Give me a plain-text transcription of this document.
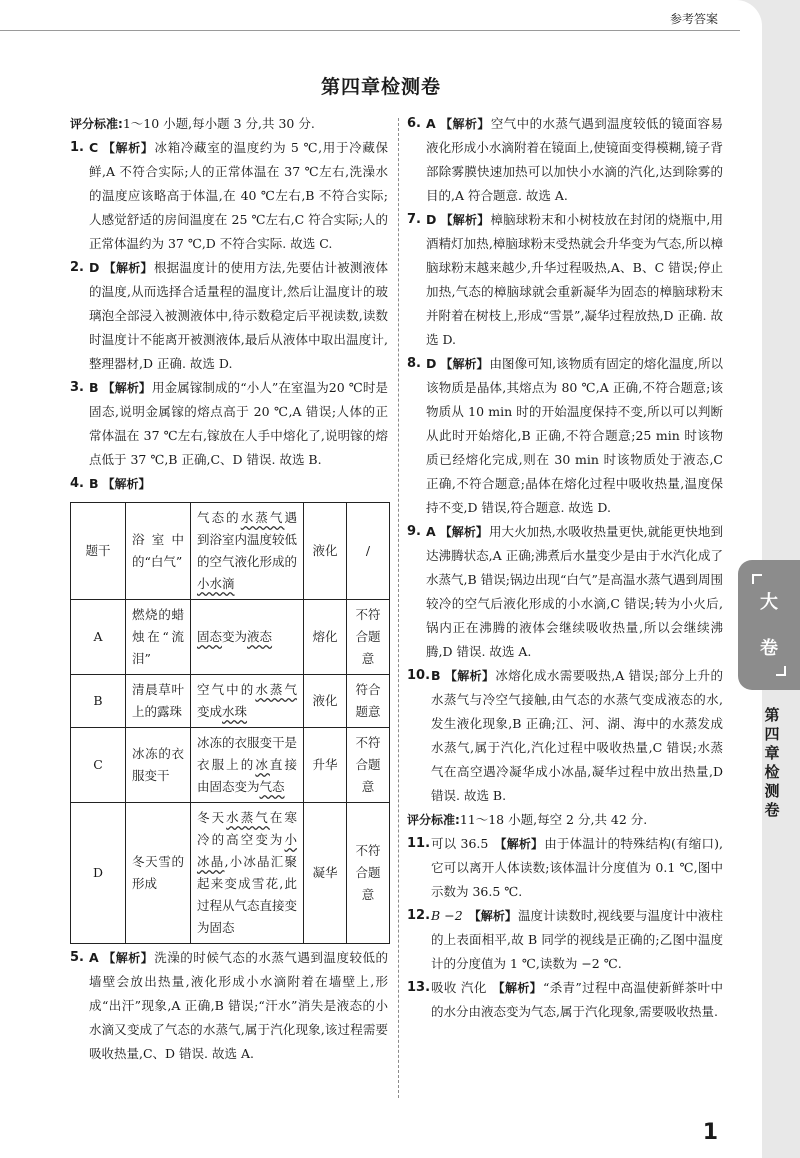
参考答案
第四章检测卷
评分标准:1～10 小题,每小题 3 分,共 30 分.
1. C 【解析】冰箱冷藏室的温度约为 5 ℃,用于冷藏保鲜,A 不符合实际;人的正常体温在 37 ℃左右,洗澡水的温度应该略高于体温,在 40 ℃左右,B 不符合实际;人感觉舒适的房间温度在 25 ℃左右,C 符合实际;人的正常体温约为 37 ℃,D 不符合实际. 故选 C.
2. D 【解析】根据温度计的使用方法,先要估计被测液体的温度,从而选择合适量程的温度计,然后让温度计的玻璃泡全部浸入被测液体中,待示数稳定后平视读数,读数时温度计不能离开被测液体,最后从液体中取出温度计,整理器材,D 正确. 故选 D.
3. B 【解析】用金属镓制成的“小人”在室温为20 ℃时是固态,说明金属镓的熔点高于 20 ℃,A 错误;人体的正常体温在 37 ℃左右,镓放在人手中熔化了,说明镓的熔点低于 37 ℃,B 正确,C、D 错误. 故选 B.
4. B 【解析】
题干	浴室中的“白气”	气态的水蒸气遇到浴室内温度较低的空气液化形成的小水滴	液化	/
A	燃烧的蜡烛在“流泪”	固态变为液态	熔化	不符合题意
B	清晨草叶上的露珠	空气中的水蒸气变成水珠	液化	符合题意
C	冰冻的衣服变干	冰冻的衣服变干是衣服上的冰直接由固态变为气态	升华	不符合题意
D	冬天雪的形成	冬天水蒸气在寒冷的高空变为小冰晶,小冰晶汇聚起来变成雪花,此过程从气态直接变为固态	凝华	不符合题意
5. A 【解析】洗澡的时候气态的水蒸气遇到温度较低的墙壁会放出热量,液化形成小水滴附着在墙壁上,形成“出汗”现象,A 正确,B 错误;“汗水”消失是液态的小水滴又变成了气态的水蒸气,属于汽化现象,该过程需要吸收热量,C、D 错误. 故选 A.
6. A 【解析】空气中的水蒸气遇到温度较低的镜面容易液化形成小水滴附着在镜面上,使镜面变得模糊,镜子背部除雾膜快速加热可以加快小水滴的汽化,达到除雾的目的,A 符合题意. 故选 A.
7. D 【解析】樟脑球粉末和小树枝放在封闭的烧瓶中,用酒精灯加热,樟脑球粉末受热就会升华变为气态,所以樟脑球粉末越来越少,升华过程吸热,A、B、C 错误;停止加热,气态的樟脑球就会重新凝华为固态的樟脑球粉末并附着在树枝上,形成“雪景”,凝华过程放热,D 正确. 故选 D.
8. D 【解析】由图像可知,该物质有固定的熔化温度,所以该物质是晶体,其熔点为 80 ℃,A 正确,不符合题意;该物质从 10 min 时的开始温度保持不变,所以可以判断从此时开始熔化,B 正确,不符合题意;25 min 时该物质已经熔化完成,则在 30 min 时该物质处于液态,C 正确,不符合题意;晶体在熔化过程中吸收热量,温度保持不变,D 错误,符合题意. 故选 D.
9. A 【解析】用大火加热,水吸收热量更快,就能更快地到达沸腾状态,A 正确;沸煮后水量变少是由于水汽化成了水蒸气,B 错误;锅边出现“白气”是高温水蒸气遇到周围较冷的空气后液化形成的小水滴,C 错误;转为小火后,锅内正在沸腾的液体会继续吸收热量,所以会继续沸腾,D 错误. 故选 A.
10. B 【解析】冰熔化成水需要吸热,A 错误;部分上升的水蒸气与冷空气接触,由气态的水蒸气变成液态的水,发生液化现象,B 正确;江、河、湖、海中的水蒸发成水蒸气,属于汽化,汽化过程中吸收热量,C 错误;水蒸气在高空遇冷凝华成小冰晶,凝华过程中放出热量,D 错误. 故选 B.
评分标准:11～18 小题,每空 2 分,共 42 分.
11. 可以 36.5 【解析】由于体温计的特殊结构(有缩口),它可以离开人体读数;该体温计分度值为 0.1 ℃,图中示数为 36.5 ℃.
12. B −2 【解析】温度计读数时,视线要与温度计中液柱的上表面相平,故 B 同学的视线是正确的;乙图中温度计的分度值为 1 ℃,读数为 −2 ℃.
13. 吸收 汽化 【解析】“杀青”过程中高温使新鲜茶叶中的水分由液态变为气态,属于汽化现象,需要吸收热量.
1
大
卷
第四章检测卷
